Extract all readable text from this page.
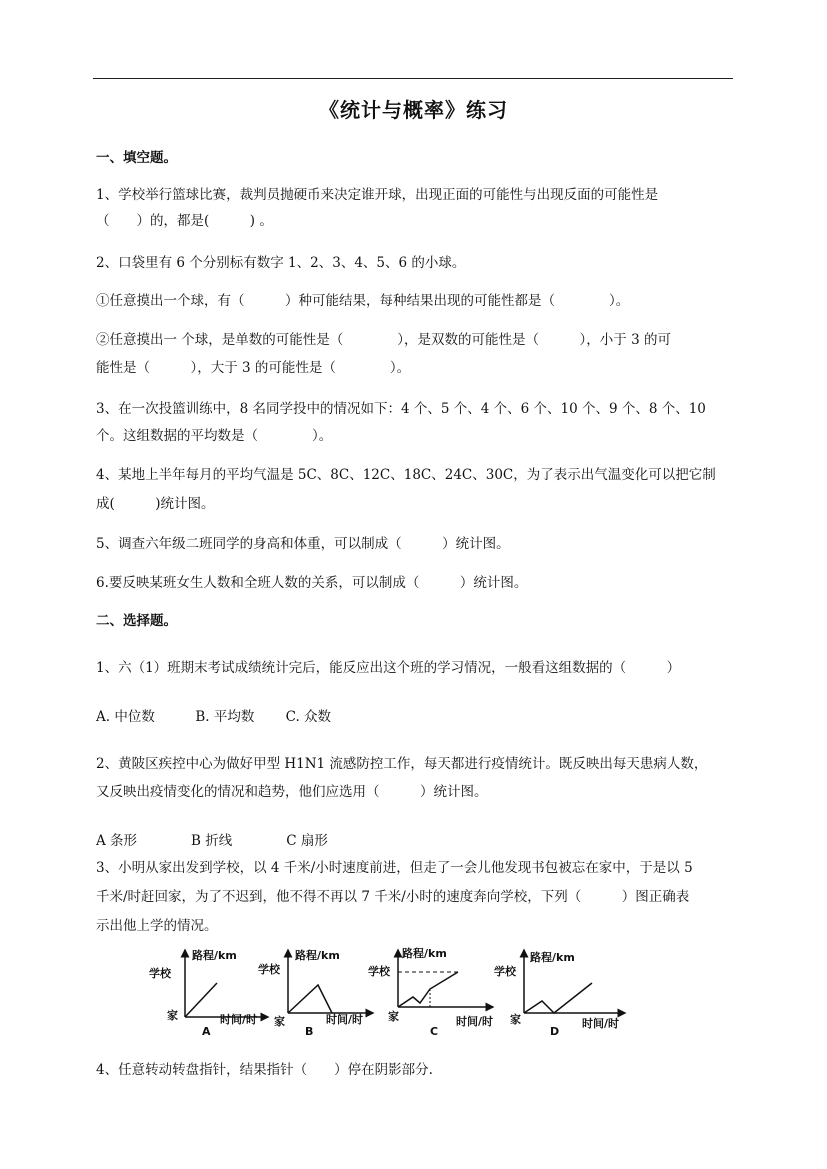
《统计与概率》练习
一、填空题。
1、学校举行篮球比赛，裁判员抛硬币来决定谁开球，出现正面的可能性与出现反面的可能性是
（　　）的，都是(　　　) 。
2、口袋里有 6 个分别标有数字 1、2、3、4、5、6 的小球。
①任意摸出一个球，有（　　　）种可能结果，每种结果出现的可能性都是（　　　　）。
②任意摸出一 个球，是单数的可能性是（　　　　），是双数的可能性是（　　　），小于 3 的可
能性是（　　　），大于 3 的可能性是（　　　　）。
3、在一次投篮训练中，8 名同学投中的情况如下：4 个、5 个、4 个、6 个、10 个、9 个、8 个、10
个。这组数据的平均数是（　　　　）。
4、某地上半年每月的平均气温是 5C、8C、12C、18C、24C、30C，为了表示出气温变化可以把它制
成(　　　)统计图。
5、调查六年级二班同学的身高和体重，可以制成（　　　）统计图。
6.要反映某班女生人数和全班人数的关系，可以制成（　　　）统计图。
二、选择题。
1、六（1）班期末考试成绩统计完后，能反应出这个班的学习情况，一般看这组数据的（　　　）
A. 中位数　　　B. 平均数　　 C. 众数
2、黄陂区疾控中心为做好甲型 H1N1 流感防控工作，每天都进行疫情统计。既反映出每天患病人数，
又反映出疫情变化的情况和趋势，他们应选用（　　　）统计图。
A 条形　　　　B 折线　　　　C 扇形
3、小明从家出发到学校，以 4 千米/小时速度前进，但走了一会儿他发现书包被忘在家中，于是以 5
千米/时赶回家，为了不迟到，他不得不再以 7 千米/小时的速度奔向学校，下列（　　　）图正确表
示出他上学的情况。
学校
路程/km
家	时间/时
A
学校
路程/km
家	时间/时
B
学校
路程/km
家	时间/时
C
学校
路程/km
家	时间/时
D
4、任意转动转盘指针，结果指针（　　）停在阴影部分.
